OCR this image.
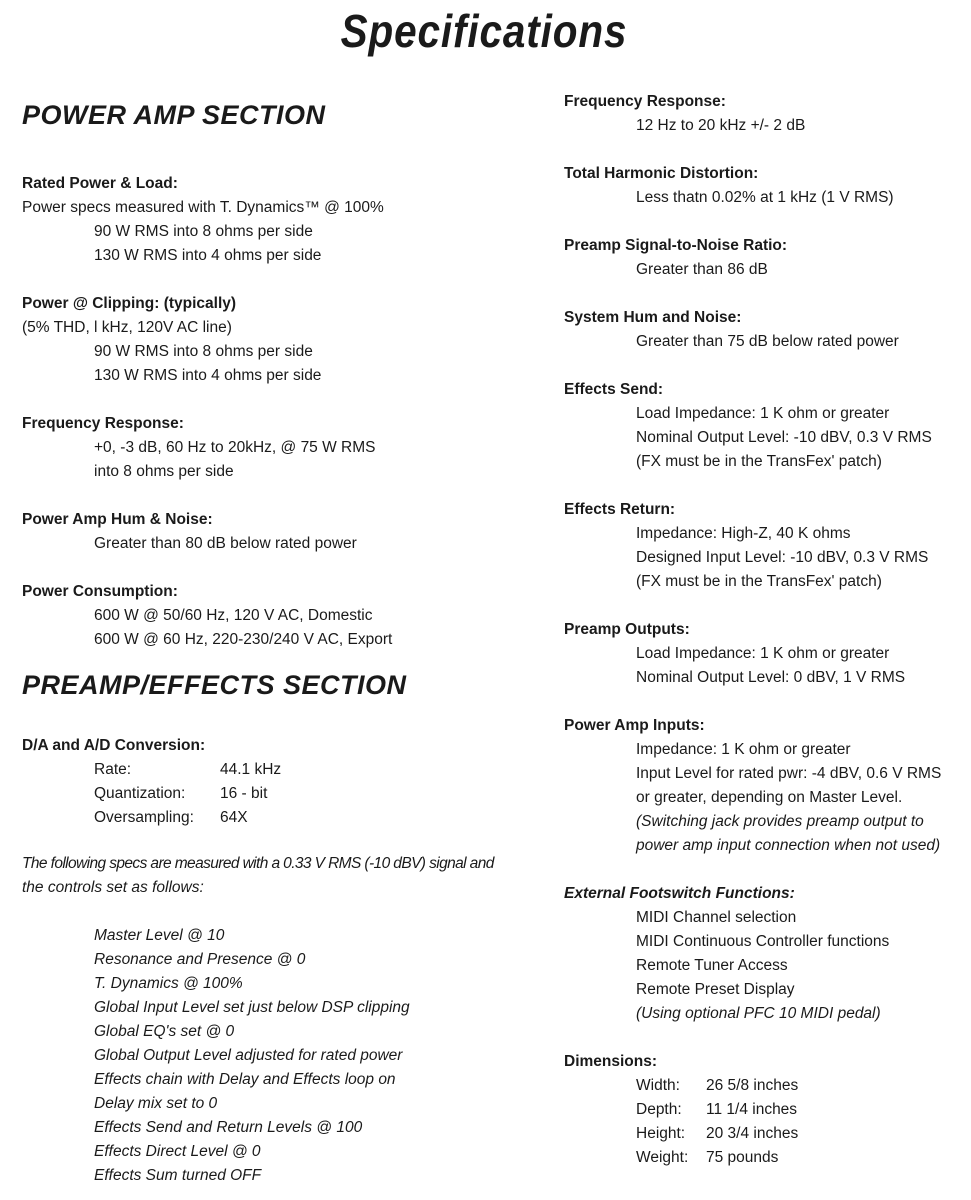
Specifications
POWER AMP SECTION
Rated Power & Load:
Power specs measured with T. Dynamics™ @ 100%
90 W RMS into 8 ohms per side
130 W RMS into 4 ohms per side
Power @ Clipping: (typically)
(5% THD, l kHz, 120V AC line)
90 W RMS into 8 ohms per side
130 W RMS into 4 ohms per side
Frequency Response:
+0, -3 dB, 60 Hz to 20kHz, @ 75 W RMS
into 8 ohms per side
Power Amp Hum & Noise:
Greater than 80 dB below rated power
Power Consumption:
600 W @ 50/60 Hz, 120 V AC, Domestic
600 W @ 60 Hz, 220-230/240 V AC, Export
PREAMP/EFFECTS SECTION
D/A and A/D Conversion:
Rate:	44.1 kHz
Quantization:	16 - bit
Oversampling:	64X
The following specs are measured with a 0.33 V RMS (-10 dBV) signal and
the controls set as follows:
Master Level @ 10
Resonance and Presence @ 0
T. Dynamics @ 100%
Global Input Level set just below DSP clipping
Global EQ's set @ 0
Global Output Level adjusted for rated power
Effects chain with Delay and Effects loop on
Delay mix set to 0
Effects Send and Return Levels @ 100
Effects Direct Level @ 0
Effects Sum turned OFF
Frequency Response:
12 Hz to 20 kHz +/- 2 dB
Total Harmonic Distortion:
Less thatn 0.02% at 1 kHz (1 V RMS)
Preamp Signal-to-Noise Ratio:
Greater than 86 dB
System Hum and Noise:
Greater than 75 dB below rated power
Effects Send:
Load Impedance: 1 K ohm or greater
Nominal Output Level: -10 dBV, 0.3 V RMS
(FX must be in the TransFex' patch)
Effects Return:
Impedance: High-Z, 40 K ohms
Designed Input Level: -10 dBV, 0.3 V RMS
(FX must be in the TransFex' patch)
Preamp Outputs:
Load Impedance: 1 K ohm or greater
Nominal Output Level: 0 dBV, 1 V RMS
Power Amp Inputs:
Impedance: 1 K ohm or greater
Input Level for rated pwr: -4 dBV, 0.6 V RMS
or greater, depending on Master Level.
(Switching jack provides preamp output to
power amp input connection when not used)
External Footswitch Functions:
MIDI Channel selection
MIDI Continuous Controller functions
Remote Tuner Access
Remote Preset Display
(Using optional PFC 10 MIDI pedal)
Dimensions:
Width:	26 5/8 inches
Depth:	11 1/4 inches
Height:	20 3/4 inches
Weight:	75 pounds
